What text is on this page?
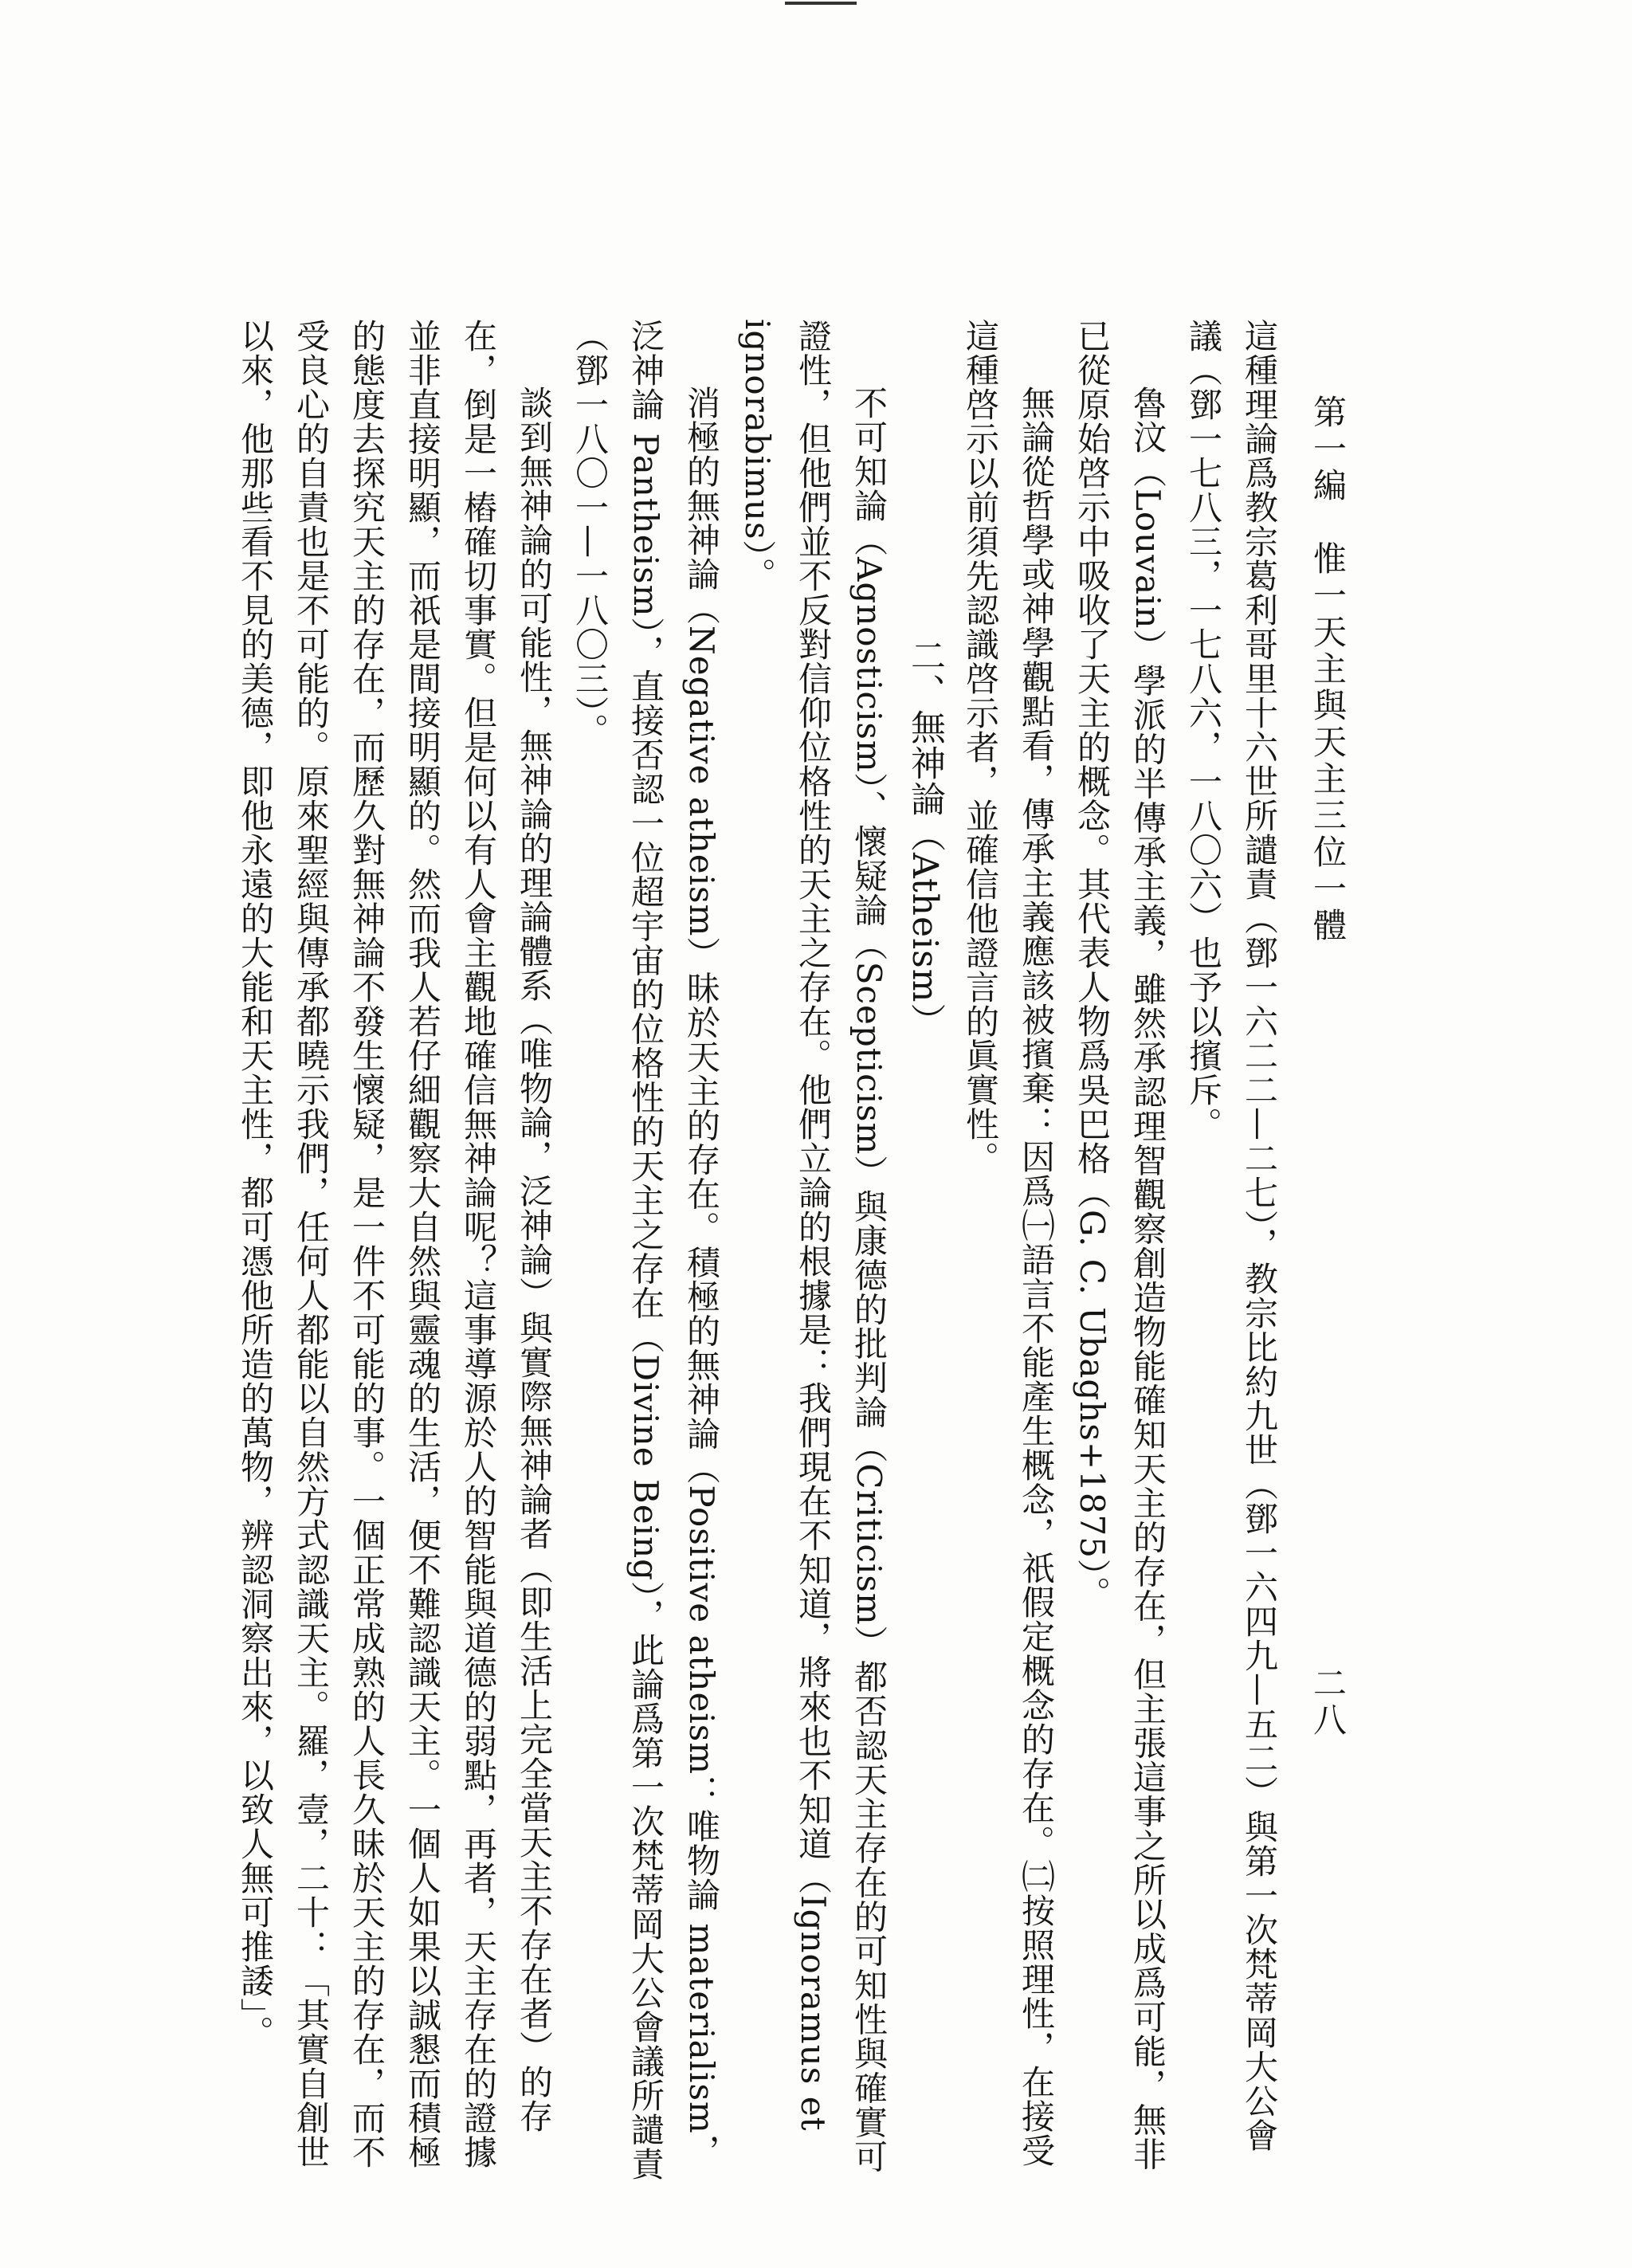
第一編　惟一天主與天主三位一體
二八

這種理論爲教宗葛利哥里十六世所譴責（鄧一六二二—二七），教宗比約九世（鄧一六四九—五二）與第一次梵蒂岡大公會議（鄧一七八三，一七八六，一八〇六）也予以擯斥。

魯汶（Louvain）學派的半傳承主義，雖然承認理智觀察創造物能確知天主的存在，但主張這事之所以成爲可能，無非已從原始啓示中吸收了天主的概念。其代表人物爲吳巴格（G. C. Ubaghs+1875）。

無論從哲學或神學觀點看，傳承主義應該被擯棄：因爲㈠語言不能產生概念，祇假定概念的存在。㈡按照理性，在接受這種啓示以前須先認識啓示者，並確信他證言的眞實性。

二、無神論（Atheism）

不可知論（Agnosticism）、懷疑論（Scepticism）與康德的批判論（Criticism）都否認天主存在的可知性與確實可證性，但他們並不反對信仰位格性的天主之存在。他們立論的根據是：我們現在不知道，將來也不知道（Ignoramus et ignorabimus）。

消極的無神論（Negative atheism）昧於天主的存在。積極的無神論（Positive atheism：唯物論 materialism，泛神論 Pantheism），直接否認一位超宇宙的位格性的天主之存在（Divine Being），此論爲第一次梵蒂岡大公會議所譴責（鄧一八〇一—一八〇三）。

談到無神論的可能性，無神論的理論體系（唯物論，泛神論）與實際無神論者（即生活上完全當天主不存在者）的存在，倒是一樁確切事實。但是何以有人會主觀地確信無神論呢？這事導源於人的智能與道德的弱點，再者，天主存在的證據並非直接明顯，而祇是間接明顯的。然而我人若仔細觀察大自然與靈魂的生活，便不難認識天主。一個人如果以誠懇而積極的態度去探究天主的存在，而歷久對無神論不發生懷疑，是一件不可能的事。一個正常成熟的人長久昧於天主的存在，而不受良心的自責也是不可能的。原來聖經與傳承都曉示我們，任何人都能以自然方式認識天主。羅，壹，二十：「其實自創世以來，他那些看不見的美德，即他永遠的大能和天主性，都可憑他所造的萬物，辨認洞察出來，以致人無可推諉」。
